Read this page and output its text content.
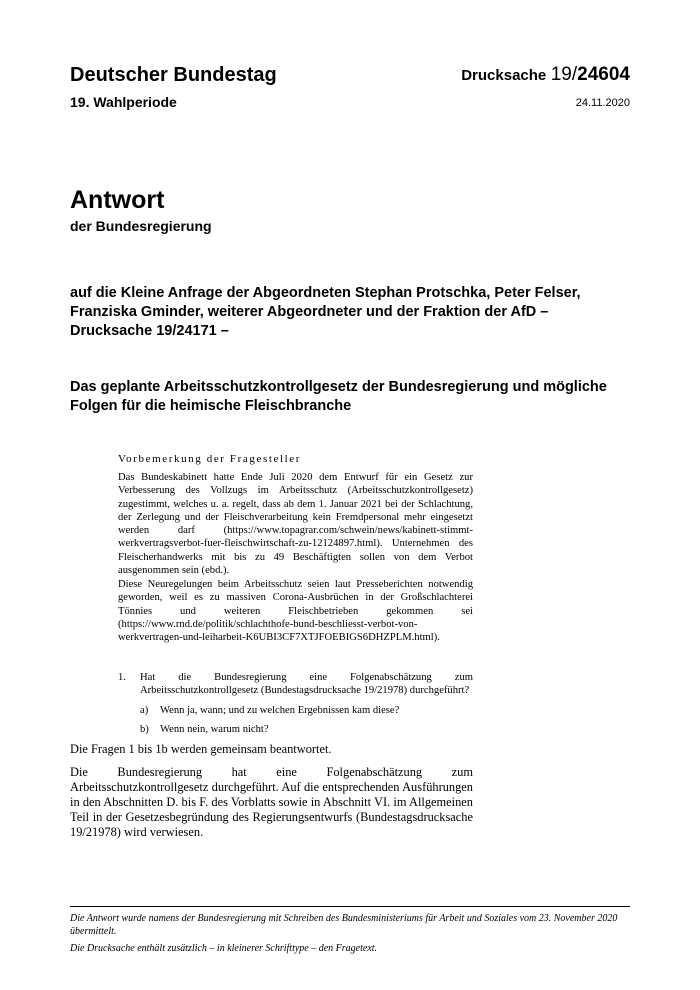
Deutscher Bundestag
19. Wahlperiode
Drucksache 19/24604
24.11.2020
Antwort
der Bundesregierung
auf die Kleine Anfrage der Abgeordneten Stephan Protschka, Peter Felser, Franziska Gminder, weiterer Abgeordneter und der Fraktion der AfD – Drucksache 19/24171 –
Das geplante Arbeitsschutzkontrollgesetz der Bundesregierung und mögliche Folgen für die heimische Fleischbranche
Vorbemerkung der Fragesteller
Das Bundeskabinett hatte Ende Juli 2020 dem Entwurf für ein Gesetz zur Verbesserung des Vollzugs im Arbeitsschutz (Arbeitsschutzkontrollgesetz) zugestimmt, welches u. a. regelt, dass ab dem 1. Januar 2021 bei der Schlachtung, der Zerlegung und der Fleischverarbeitung kein Fremdpersonal mehr eingesetzt werden darf (https://www.topagrar.com/schwein/news/kabinett-stimmt-werkvertragsverbot-fuer-fleischwirtschaft-zu-12124897.html). Unternehmen des Fleischerhandwerks mit bis zu 49 Beschäftigten sollen von dem Verbot ausgenommen sein (ebd.).
Diese Neuregelungen beim Arbeitsschutz seien laut Presseberichten notwendig geworden, weil es zu massiven Corona-Ausbrüchen in der Großschlachterei Tönnies und weiteren Fleischbetrieben gekommen sei (https://www.rnd.de/politik/schlachthofe-bund-beschliesst-verbot-von-werkvertragen-und-leiharbeit-K6UBI3CF7XTJFOEBIGS6DHZPLM.html).
1. Hat die Bundesregierung eine Folgenabschätzung zum Arbeitsschutzkontrollgesetz (Bundestagsdrucksache 19/21978) durchgeführt?
a) Wenn ja, wann; und zu welchen Ergebnissen kam diese?
b) Wenn nein, warum nicht?
Die Fragen 1 bis 1b werden gemeinsam beantwortet.
Die Bundesregierung hat eine Folgenabschätzung zum Arbeitsschutzkontrollgesetz durchgeführt. Auf die entsprechenden Ausführungen in den Abschnitten D. bis F. des Vorblatts sowie in Abschnitt VI. im Allgemeinen Teil in der Gesetzesbegründung des Regierungsentwurfs (Bundestagsdrucksache 19/21978) wird verwiesen.
Die Antwort wurde namens der Bundesregierung mit Schreiben des Bundesministeriums für Arbeit und Soziales vom 23. November 2020 übermittelt.
Die Drucksache enthält zusätzlich – in kleinerer Schrifttype – den Fragetext.
